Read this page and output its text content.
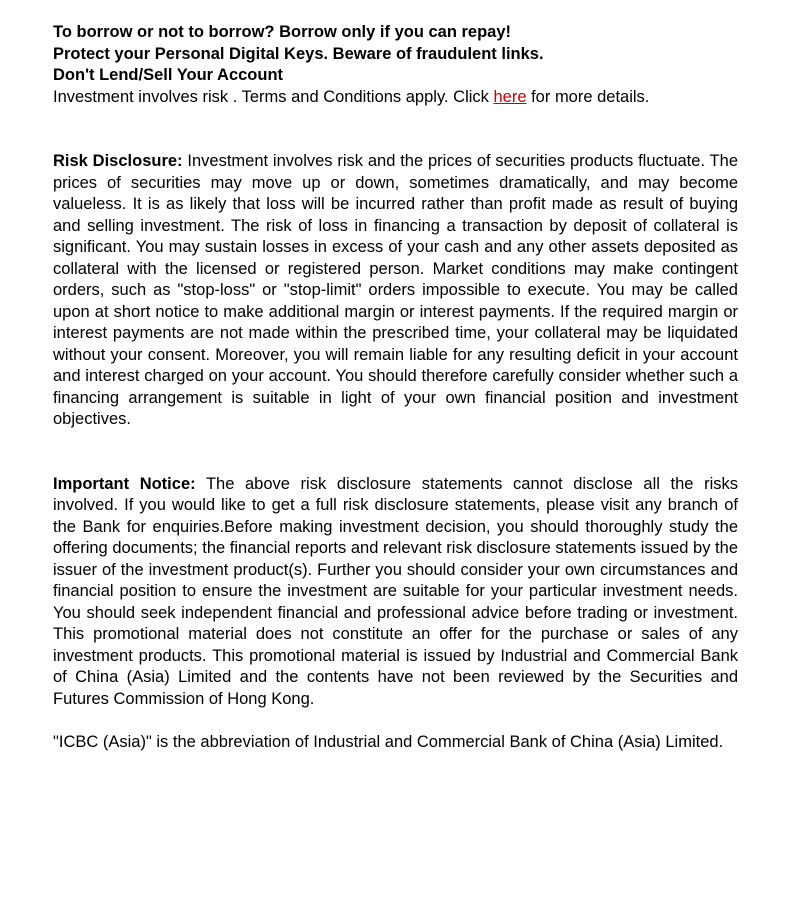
To borrow or not to borrow? Borrow only if you can repay!

Protect your Personal Digital Keys. Beware of fraudulent links.

Don't Lend/Sell Your Account

Investment involves risk . Terms and Conditions apply. Click here for more details.

Risk Disclosure: Investment involves risk and the prices of securities products fluctuate. The prices of securities may move up or down, sometimes dramatically, and may become valueless. It is as likely that loss will be incurred rather than profit made as result of buying and selling investment. The risk of loss in financing a transaction by deposit of collateral is significant. You may sustain losses in excess of your cash and any other assets deposited as collateral with the licensed or registered person. Market conditions may make contingent orders, such as "stop-loss" or "stop-limit" orders impossible to execute. You may be called upon at short notice to make additional margin or interest payments. If the required margin or interest payments are not made within the prescribed time, your collateral may be liquidated without your consent. Moreover, you will remain liable for any resulting deficit in your account and interest charged on your account. You should therefore carefully consider whether such a financing arrangement is suitable in light of your own financial position and investment objectives.

Important Notice: The above risk disclosure statements cannot disclose all the risks involved. If you would like to get a full risk disclosure statements, please visit any branch of the Bank for enquiries.Before making investment decision, you should thoroughly study the offering documents; the financial reports and relevant risk disclosure statements issued by the issuer of the investment product(s). Further you should consider your own circumstances and financial position to ensure the investment are suitable for your particular investment needs. You should seek independent financial and professional advice before trading or investment. This promotional material does not constitute an offer for the purchase or sales of any investment products. This promotional material is issued by Industrial and Commercial Bank of China (Asia) Limited and the contents have not been reviewed by the Securities and Futures Commission of Hong Kong.

"ICBC (Asia)" is the abbreviation of Industrial and Commercial Bank of China (Asia) Limited.
